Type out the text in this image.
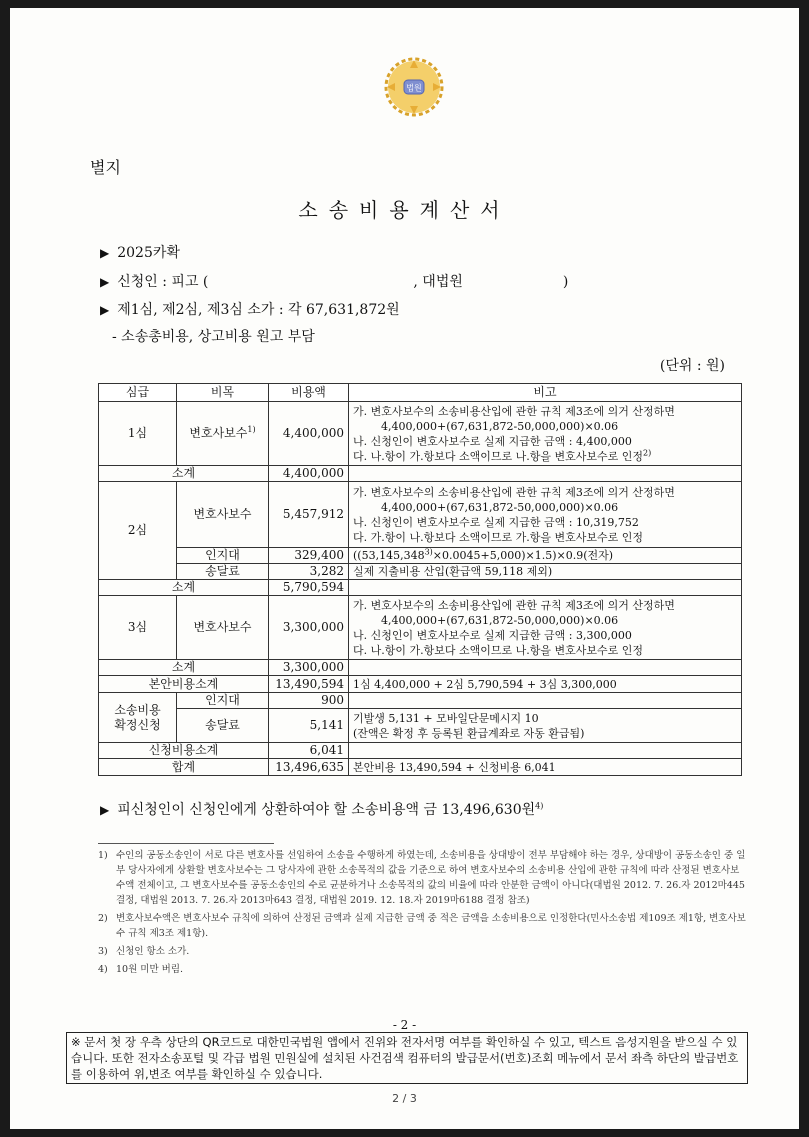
법원
별지
소송비용계산서
▶ 2025카확
▶ 신청인 : 피고 (	, 대법원	)
▶ 제1심, 제2심, 제3심 소가 : 각 67,631,872원
- 소송총비용, 상고비용 원고 부담
(단위 : 원)
심급	비목	비용액	비고
1심	변호사보수$^{1)}$	4,400,000	가. 변호사보수의 소송비용산입에 관한 규칙 제3조에 의거 산정하면
4,400,000+(67,631,872-50,000,000)×0.06
나. 신청인이 변호사보수로 실제 지급한 금액 : 4,400,000
다. 나.항이 가.항보다 소액이므로 나.항을 변호사보수로 인정$^{2)}$

소계		4,400,000	
2심	변호사보수	5,457,912	가. 변호사보수의 소송비용산입에 관한 규칙 제3조에 의거 산정하면
4,400,000+(67,631,872-50,000,000)×0.06
나. 신청인이 변호사보수로 실제 지급한 금액 : 10,319,752
다. 가.항이 나.항보다 소액이므로 가.항을 변호사보수로 인정

	인지대	329,400	$((53,145,348^{3)}\times 0.0045+5,000)\times 1.5)\times 0.9$(전자)
	송달료	3,282	실제 지출비용 산입(환급액 59,118 제외)
소계		5,790,594	
3심	변호사보수	3,300,000	가. 변호사보수의 소송비용산입에 관한 규칙 제3조에 의거 산정하면
4,400,000+(67,631,872-50,000,000)×0.06
나. 신청인이 변호사보수로 실제 지급한 금액 : 3,300,000
다. 나.항이 가.항보다 소액이므로 나.항을 변호사보수로 인정

소계		3,300,000	
본안비용소계		13,490,594	1심 4,400,000 + 2심 5,790,594 + 3심 3,300,000

소송비용
확정신청	인지대	900	
	송달료	5,141	기발생 5,131 + 모바일단문메시지 10
(잔액은 확정 후 등록된 환급계좌로 자동 환급됨)

신청비용소계		6,041	
합계		13,496,635	본안비용 13,490,594 + 신청비용 6,041
▶ 피신청인이 신청인에게 상환하여야 할 소송비용액 금 13,496,630원$^{4)}$
1) 수인의 공동소송인이 서로 다른 변호사를 선임하여 소송을 수행하게 하였는데, 소송비용을 상대방이 전부 부담해야 하는 경우, 상대방이 공동소송인 중 일부 당사자에게 상환할 변호사보수는 그 당사자에 관한 소송목적의 값을 기준으로 하여 변호사보수의 소송비용 산입에 관한 규칙에 따라 산정된 변호사보수액 전체이고, 그 변호사보수를 공동소송인의 수로 균분하거나 소송목적의 값의 비율에 따라 안분한 금액이 아니다(대법원 2012. 7. 26.자 2012마445 결정, 대법원 2013. 7. 26.자 2013마643 결정, 대법원 2019. 12. 18.자 2019마6188 결정 참조)
2) 변호사보수액은 변호사보수 규칙에 의하여 산정된 금액과 실제 지급한 금액 중 적은 금액을 소송비용으로 인정한다(민사소송법 제109조 제1항, 변호사보수 규칙 제3조 제1항).
3) 신청인 항소 소가.
4) 10원 미만 버림.
- 2 -
※ 문서 첫 장 우측 상단의 QR코드로 대한민국법원 앱에서 진위와 전자서명 여부를 확인하실 수 있고, 텍스트 음성지원을 받으실 수 있습니다. 또한 전자소송포털 및 각급 법원 민원실에 설치된 사건검색 컴퓨터의 발급문서(번호)조회 메뉴에서 문서 좌측 하단의 발급번호를 이용하여 위,변조 여부를 확인하실 수 있습니다.
2 / 3
